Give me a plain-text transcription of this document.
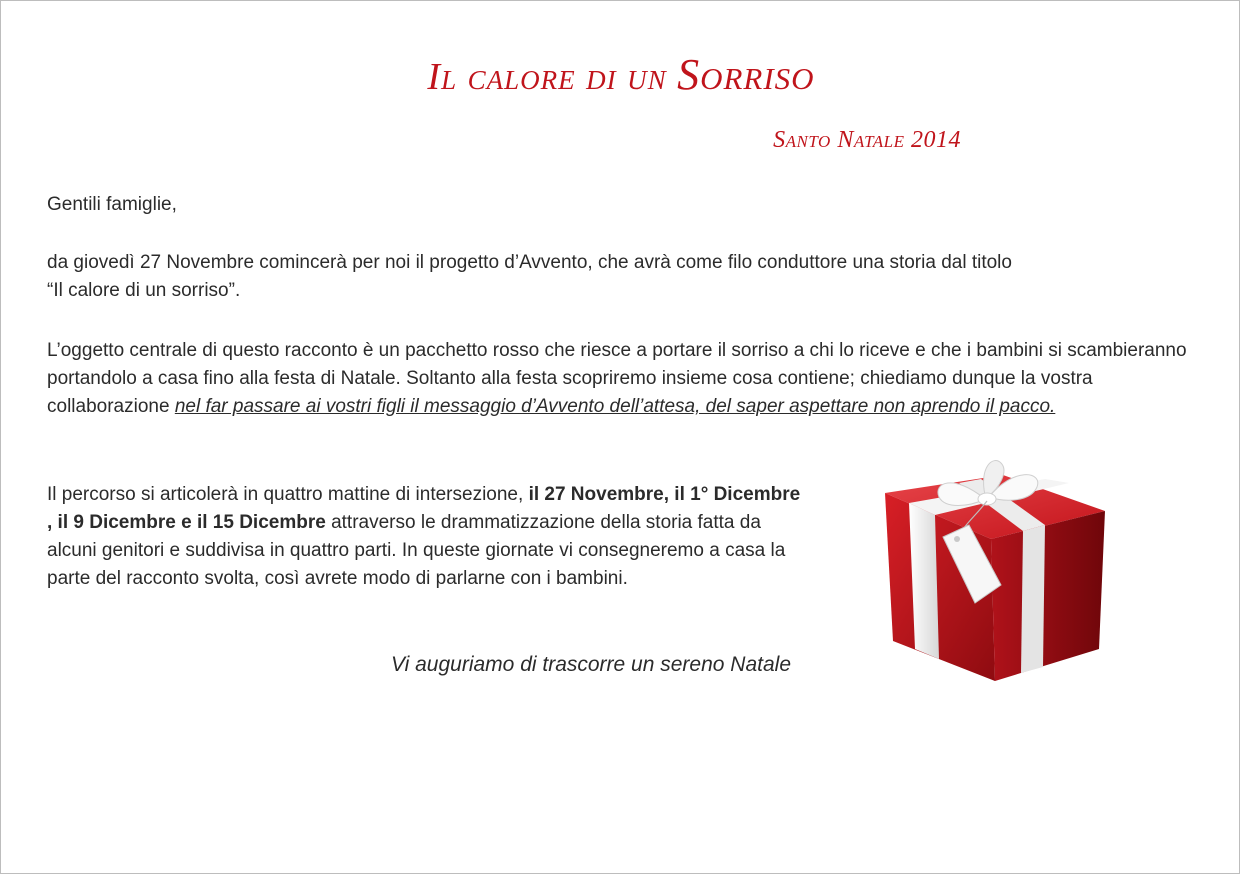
Il calore di un Sorriso
Santo Natale 2014

Gentili famiglie,

da giovedì 27 Novembre comincerà per noi il progetto d’Avvento, che avrà come filo conduttore una storia dal titolo
“Il calore di un sorriso”.

L’oggetto centrale di questo racconto è un pacchetto rosso che riesce a portare il sorriso a chi lo riceve e che i bambini si scambieranno portandolo a casa fino alla festa di Natale. Soltanto alla festa scopriremo insieme cosa contiene; chiediamo dunque la vostra collaborazione nel far passare ai vostri figli il messaggio d’Avvento dell’attesa, del saper aspettare non aprendo il pacco.

Il percorso si articolerà in quattro mattine di intersezione, il 27 Novembre, il 1° Dicembre , il 9 Dicembre e il 15 Dicembre attraverso le drammatizzazione della storia fatta da alcuni genitori e suddivisa in quattro parti. In queste giornate vi consegneremo a casa la parte del racconto svolta, così avrete modo di parlarne con i bambini.

Vi auguriamo di trascorre un sereno Natale
